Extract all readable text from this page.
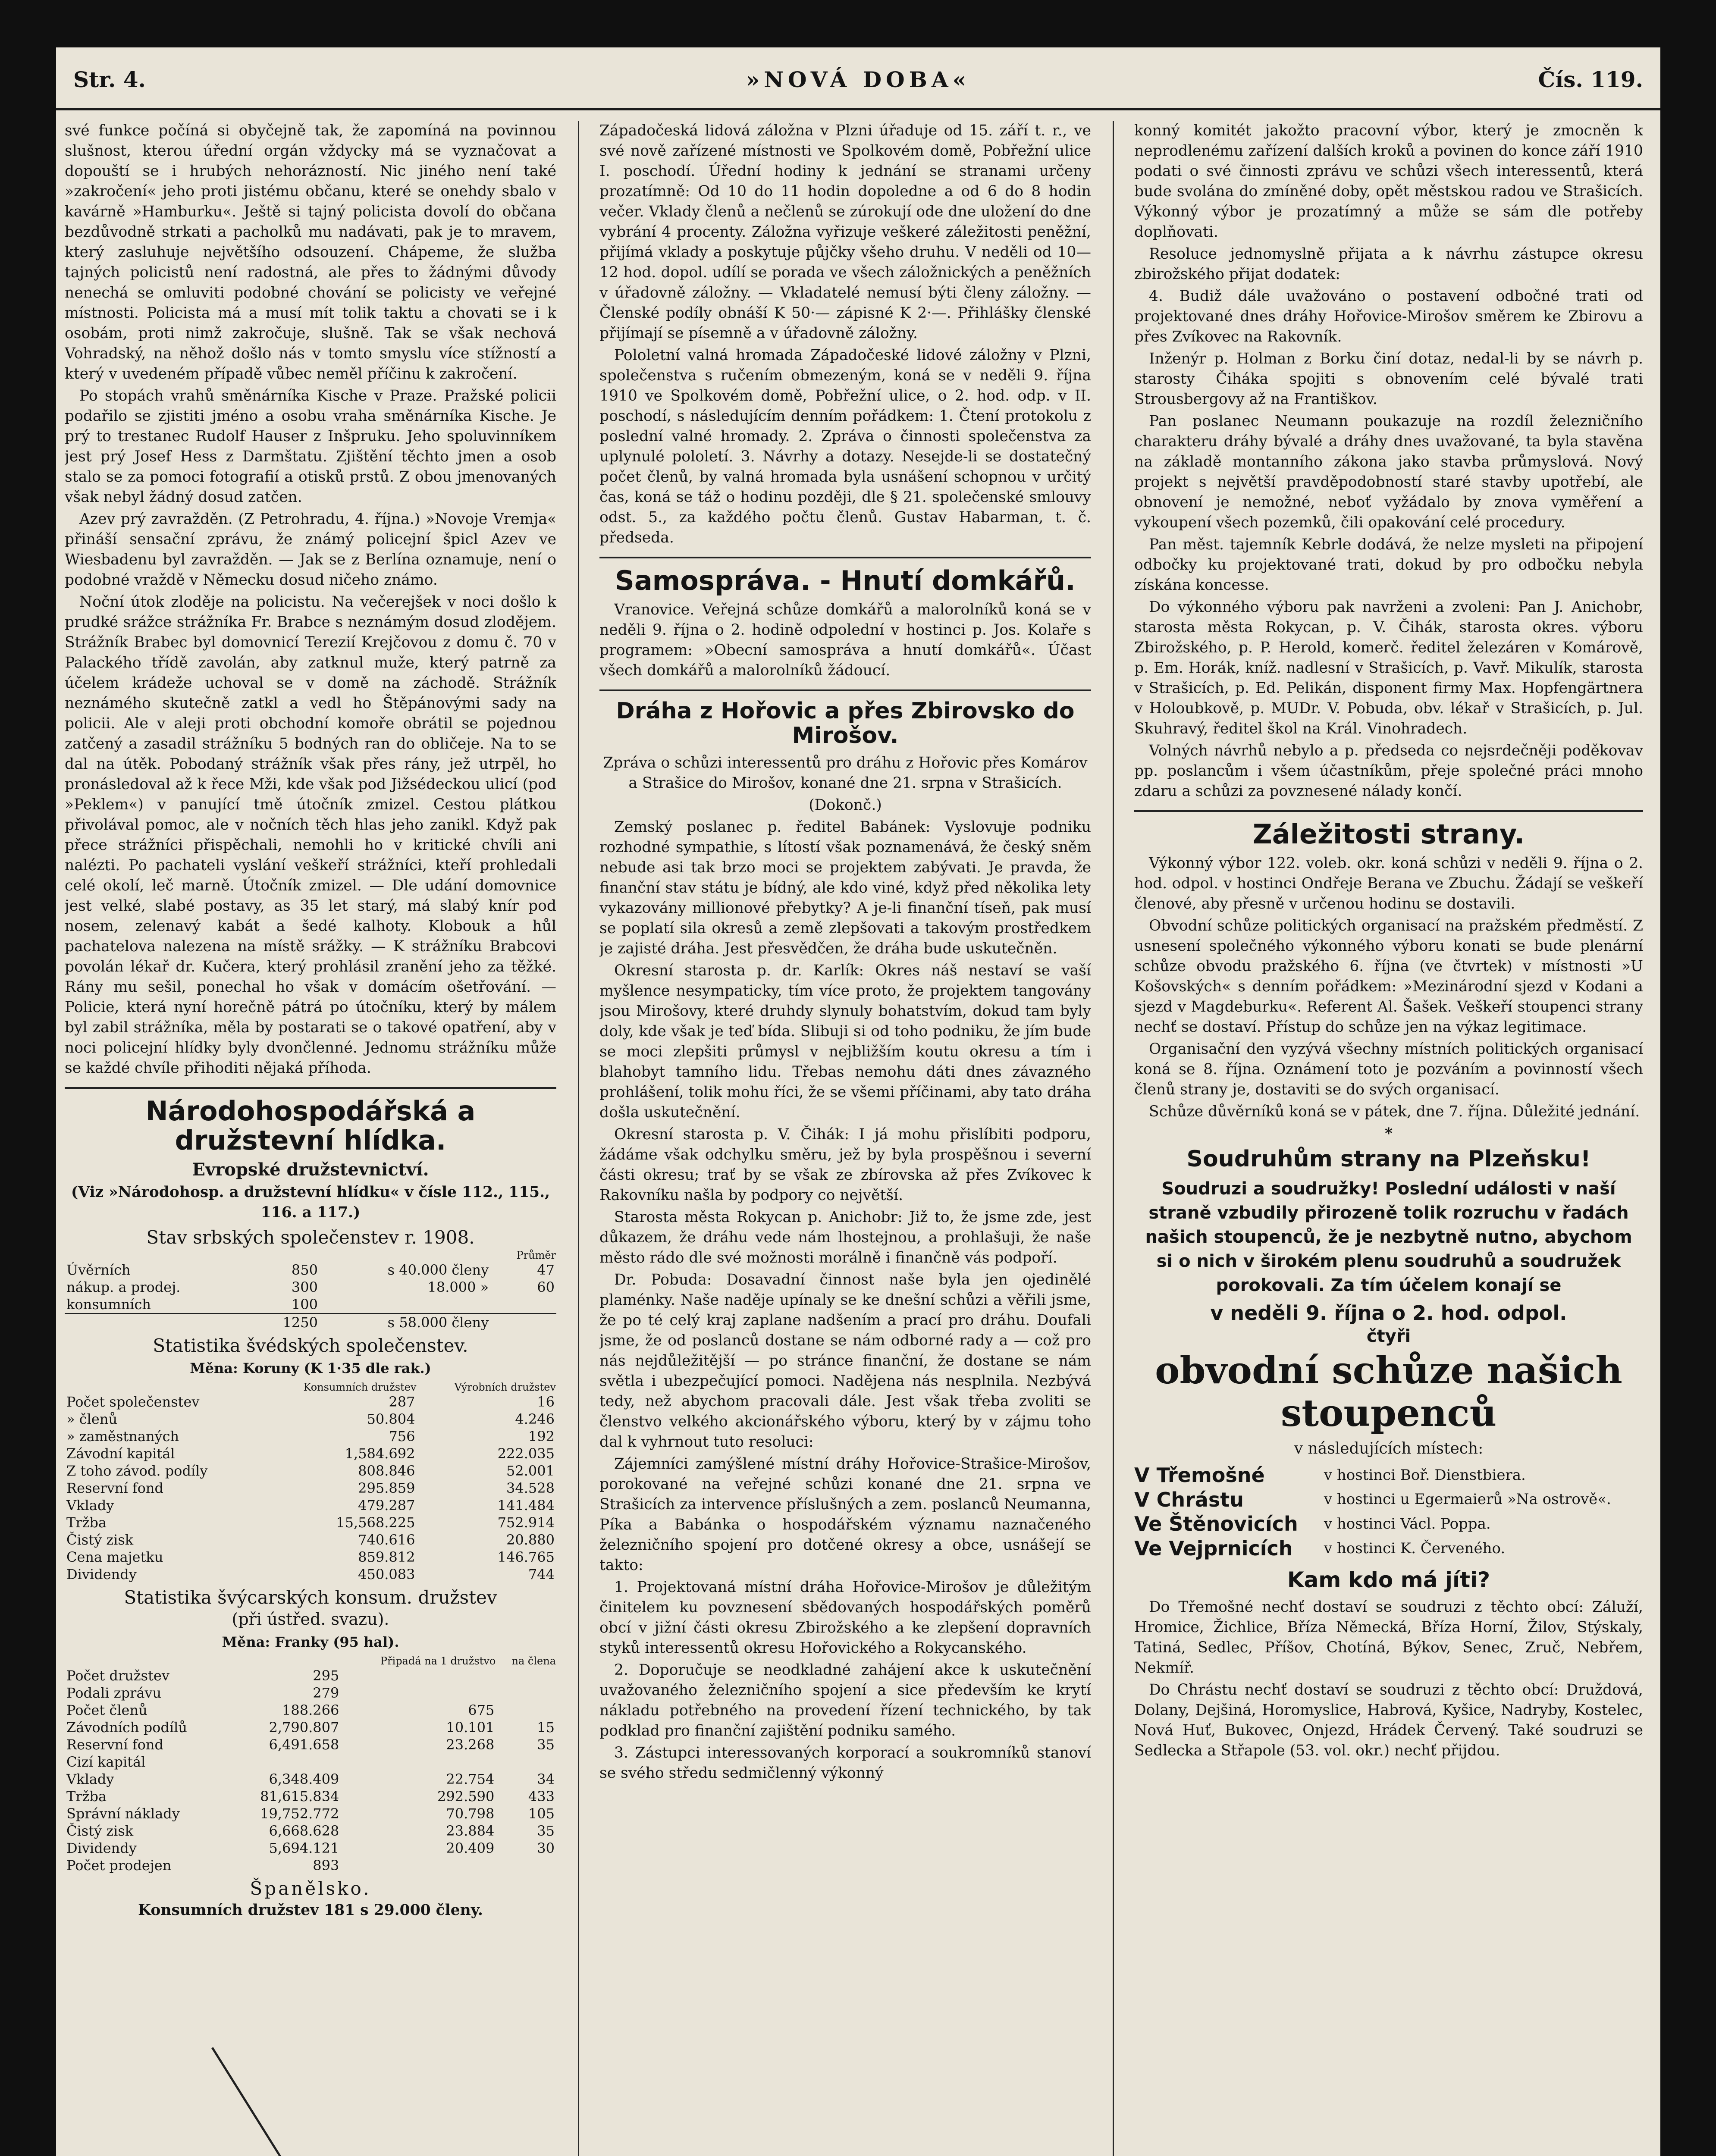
Str. 4.	»NOVÁ DOBA«	Čís. 119.

své funkce počíná si obyčejně tak, že zapomíná na povinnou slušnost, kterou úřední orgán vždycky má se vyznačovat a dopouští se i hrubých nehorázností. Nic jiného není také »zakročení« jeho proti jistému občanu, které se onehdy sbalo v kavárně »Hamburku«. Ještě si tajný policista dovolí do občana bezdůvodně strkati a pacholků mu nadávati, pak je to mravem, který zasluhuje největšího odsouzení. Chápeme, že služba tajných policistů není radostná, ale přes to žádnými důvody nenechá se omluviti podobné chování se policisty ve veřejné místnosti. Policista má a musí mít tolik taktu a chovati se i k osobám, proti nimž zakročuje, slušně. Tak se však nechová Vohradský, na něhož došlo nás v tomto smyslu více stížností a který v uvedeném případě vůbec neměl příčinu k zakročení.

Po stopách vrahů směnárníka Kische v Praze. Pražské policii podařilo se zjistiti jméno a osobu vraha směnárníka Kische. Je prý to trestanec Rudolf Hauser z Inšpruku. Jeho spoluvinníkem jest prý Josef Hess z Darmštatu. Zjištění těchto jmen a osob stalo se za pomoci fotografií a otisků prstů. Z obou jmenovaných však nebyl žádný dosud zatčen.

Azev prý zavražděn. (Z Petrohradu, 4. října.) »Novoje Vremja« přináší sensační zprávu, že známý policejní špicl Azev ve Wiesbadenu byl zavražděn. — Jak se z Berlína oznamuje, není o podobné vraždě v Německu dosud ničeho známo.

Noční útok zloděje na policistu. Na večerejšek v noci došlo k prudké srážce strážníka Fr. Brabce s neznámým dosud zlodějem. Strážník Brabec byl domovnicí Terezií Krejčovou z domu č. 70 v Palackého třídě zavolán, aby zatknul muže, který patrně za účelem krádeže uchoval se v domě na záchodě. Strážník neznámého skutečně zatkl a vedl ho Štěpánovými sady na policii. Ale v aleji proti obchodní komoře obrátil se pojednou zatčený a zasadil strážníku 5 bodných ran do obličeje. Na to se dal na útěk. Pobodaný strážník však přes rány, jež utrpěl, ho pronásledoval až k řece Mži, kde však pod Jižsédeckou ulicí (pod »Peklem«) v panující tmě útočník zmizel. Cestou plátkou přivolával pomoc, ale v nočních těch hlas jeho zanikl. Když pak přece strážníci přispěchali, nemohli ho v kritické chvíli ani nalézti. Po pachateli vyslání veškeří strážníci, kteří prohledali celé okolí, leč marně. Útočník zmizel. — Dle udání domovnice jest velké, slabé postavy, as 35 let starý, má slabý knír pod nosem, zelenavý kabát a šedé kalhoty. Klobouk a hůl pachatelova nalezena na místě srážky. — K strážníku Brabcovi povolán lékař dr. Kučera, který prohlásil zranění jeho za těžké. Rány mu sešil, ponechal ho však v domácím ošetřování. — Policie, která nyní horečně pátrá po útočníku, který by málem byl zabil strážníka, měla by postarati se o takové opatření, aby v noci policejní hlídky byly dvončlenné. Jednomu strážníku může se každé chvíle přihoditi nějaká příhoda.

Národohospodářská a družstevní hlídka.
Evropské družstevnictví.

(Viz »Národohosp. a družstevní hlídku« v čísle 112., 115., 116. a 117.)

Stav srbských společenstev r. 1908.
			Průměr
Úvěrních	850	s 40.000 členy	47
nákup. a prodej.	300	18.000 »	60
konsumních	100		
	1250	s 58.000 členy	
Statistika švédských společenstev.
Měna: Koruny (K 1·35 dle rak.)
	Konsumních družstev	Výrobních družstev
Počet společenstev	287	16
» členů	50.804	4.246
» zaměstnaných	756	192
Závodní kapitál	1,584.692	222.035
Z toho závod. podíly	808.846	52.001
Reservní fond	295.859	34.528
Vklady	479.287	141.484
Tržba	15,568.225	752.914
Čistý zisk	740.616	20.880
Cena majetku	859.812	146.765
Dividendy	450.083	744
Statistika švýcarských konsum. družstev
(při ústřed. svazu).
Měna: Franky (95 hal).
		Připadá na 1 družstvo	na člena
Počet družstev	295		
Podali zprávu	279		
Počet členů	188.266	675	
Závodních podílů	2,790.807	10.101	15
Reservní fond	6,491.658	23.268	35
Cizí kapitál			
Vklady	6,348.409	22.754	34
Tržba	81,615.834	292.590	433
Správní náklady	19,752.772	70.798	105
Čistý zisk	6,668.628	23.884	35
Dividendy	5,694.121	20.409	30
Počet prodejen	893		
Španělsko.

Konsumních družstev 181 s 29.000 členy.

Západočeská lidová záložna v Plzni úřaduje od 15. září t. r., ve své nově zařízené místnosti ve Spolkovém domě, Pobřežní ulice I. poschodí. Úřední hodiny k jednání se stranami určeny prozatímně: Od 10 do 11 hodin dopoledne a od 6 do 8 hodin večer. Vklady členů a nečlenů se zúrokují ode dne uložení do dne vybrání 4 procenty. Záložna vyřizuje veškeré záležitosti peněžní, přijímá vklady a poskytuje půjčky všeho druhu. V neděli od 10—12 hod. dopol. udílí se porada ve všech záložnických a peněžních v úřadovně záložny. — Vkladatelé nemusí býti členy záložny. — Členské podíly obnáší K 50·— zápisné K 2·—. Přihlášky členské přijímají se písemně a v úřadovně záložny.

Pololetní valná hromada Západočeské lidové záložny v Plzni, společenstva s ručením obmezeným, koná se v neděli 9. října 1910 ve Spolkovém domě, Pobřežní ulice, o 2. hod. odp. v II. poschodí, s následujícím denním pořádkem: 1. Čtení protokolu z poslední valné hromady. 2. Zpráva o činnosti společenstva za uplynulé pololetí. 3. Návrhy a dotazy. Nesejde-li se dostatečný počet členů, by valná hromada byla usnášení schopnou v určitý čas, koná se táž o hodinu později, dle § 21. společenské smlouvy odst. 5., za každého počtu členů. Gustav Habarman, t. č. předseda.

Samospráva. - Hnutí domkářů.

Vranovice. Veřejná schůze domkářů a malorolníků koná se v neděli 9. října o 2. hodině odpolední v hostinci p. Jos. Kolaře s programem: »Obecní samospráva a hnutí domkářů«. Účast všech domkářů a malorolníků žádoucí.

Dráha z Hořovic a přes Zbirovsko do Mirošov.

Zpráva o schůzi interessentů pro dráhu z Hořovic přes Komárov a Strašice do Mirošov, konané dne 21. srpna v Strašicích.

(Dokonč.)

Zemský poslanec p. ředitel Babánek: Vyslovuje podniku rozhodné sympathie, s lítostí však poznamenává, že český sněm nebude asi tak brzo moci se projektem zabývati. Je pravda, že finanční stav státu je bídný, ale kdo viné, když před několika lety vykazovány millionové přebytky? A je-li finanční tíseň, pak musí se poplatí sila okresů a země zlepšovati a takovým prostředkem je zajisté dráha. Jest přesvědčen, že dráha bude uskutečněn.

Okresní starosta p. dr. Karlík: Okres náš nestaví se vaší myšlence nesympaticky, tím více proto, že projektem tangovány jsou Mirošovy, které druhdy slynuly bohatstvím, dokud tam byly doly, kde však je teď bída. Slibuji si od toho podniku, že jím bude se moci zlepšiti průmysl v nejbližším koutu okresu a tím i blahobyt tamního lidu. Třebas nemohu dáti dnes závazného prohlášení, tolik mohu říci, že se všemi příčinami, aby tato dráha došla uskutečnění.

Okresní starosta p. V. Čihák: I já mohu přislíbiti podporu, žádáme však odchylku směru, jež by byla prospěšnou i severní části okresu; trať by se však ze zbírovska až přes Zvíkovec k Rakovníku našla by podpory co největší.

Starosta města Rokycan p. Anichobr: Již to, že jsme zde, jest důkazem, že dráhu vede nám lhostejnou, a prohlašuji, že naše město rádo dle své možnosti morálně i finančně vás podpoří.

Dr. Pobuda: Dosavadní činnost naše byla jen ojedinělé plaménky. Naše naděje upínaly se ke dnešní schůzi a věřili jsme, že po té celý kraj zaplane nadšením a prací pro dráhu. Doufali jsme, že od poslanců dostane se nám odborné rady a — což pro nás nejdůležitější — po stránce finanční, že dostane se nám světla i ubezpečující pomoci. Nadějena nás nesplnila. Nezbývá tedy, než abychom pracovali dále. Jest však třeba zvoliti se členstvo velkého akcionářského výboru, který by v zájmu toho dal k vyhrnout tuto resoluci:

Zájemníci zamýšlené místní dráhy Hořovice-Strašice-Mirošov, porokované na veřejné schůzi konané dne 21. srpna ve Strašicích za intervence příslušných a zem. poslanců Neumanna, Píka a Babánka o hospodářském významu naznačeného železničního spojení pro dotčené okresy a obce, usnášejí se takto:

1. Projektovaná místní dráha Hořovice-Mirošov je důležitým činitelem ku povznesení sbědovaných hospodářských poměrů obcí v jižní části okresu Zbirožského a ke zlepšení dopravních styků interessentů okresu Hořovického a Rokycanského.

2. Doporučuje se neodkladné zahájení akce k uskutečnění uvažovaného železničního spojení a sice především ke krytí nákladu potřebného na provedení řízení technického, by tak podklad pro finanční zajištění podniku samého.

3. Zástupci interessovaných korporací a soukromníků stanoví se svého středu sedmičlenný výkonný

konný komitét jakožto pracovní výbor, který je zmocněn k neprodlenému zařízení dalších kroků a povinen do konce září 1910 podati o své činnosti zprávu ve schůzi všech interessentů, která bude svolána do zmíněné doby, opět městskou radou ve Strašicích. Výkonný výbor je prozatímný a může se sám dle potřeby doplňovati.

Resoluce jednomyslně přijata a k návrhu zástupce okresu zbirožského přijat dodatek:

4. Budiž dále uvažováno o postavení odbočné trati od projektované dnes dráhy Hořovice-Mirošov směrem ke Zbirovu a přes Zvíkovec na Rakovník.

Inženýr p. Holman z Borku činí dotaz, nedal-li by se návrh p. starosty Čiháka spojiti s obnovením celé bývalé trati Strousbergovy až na Františkov.

Pan poslanec Neumann poukazuje na rozdíl železničního charakteru dráhy bývalé a dráhy dnes uvažované, ta byla stavěna na základě montanního zákona jako stavba průmyslová. Nový projekt s největší pravděpodobností staré stavby upotřebí, ale obnovení je nemožné, neboť vyžádalo by znova vyměření a vykoupení všech pozemků, čili opakování celé procedury.

Pan měst. tajemník Kebrle dodává, že nelze mysleti na připojení odbočky ku projektované trati, dokud by pro odbočku nebyla získána koncesse.

Do výkonného výboru pak navrženi a zvoleni: Pan J. Anichobr, starosta města Rokycan, p. V. Čihák, starosta okres. výboru Zbirožského, p. P. Herold, komerč. ředitel železáren v Komárově, p. Em. Horák, kníž. nadlesní v Strašicích, p. Vavř. Mikulík, starosta v Strašicích, p. Ed. Pelikán, disponent firmy Max. Hopfengärtnera v Holoubkově, p. MUDr. V. Pobuda, obv. lékař v Strašicích, p. Jul. Skuhravý, ředitel škol na Král. Vinohradech.

Volných návrhů nebylo a p. předseda co nejsrdečněji poděkovav pp. poslancům i všem účastníkům, přeje společné práci mnoho zdaru a schůzi za povznesené nálady končí.

Záležitosti strany.

Výkonný výbor 122. voleb. okr. koná schůzi v neděli 9. října o 2. hod. odpol. v hostinci Ondřeje Berana ve Zbuchu. Žádají se veškeří členové, aby přesně v určenou hodinu se dostavili.

Obvodní schůze politických organisací na pražském předměstí. Z usnesení společného výkonného výboru konati se bude plenární schůze obvodu pražského 6. října (ve čtvrtek) v místnosti »U Košovských« s denním pořádkem: »Mezinárodní sjezd v Kodani a sjezd v Magdeburku«. Referent Al. Šašek. Veškeří stoupenci strany nechť se dostaví. Přístup do schůze jen na výkaz legitimace.

Organisační den vyzývá všechny místních politických organisací koná se 8. října. Oznámení toto je pozváním a povinností všech členů strany je, dostaviti se do svých organisací.

Schůze důvěrníků koná se v pátek, dne 7. října. Důležité jednání.

*

Soudruhům strany na Plzeňsku!
Soudruzi a soudružky! Poslední události v naší straně vzbudily přirozeně tolik rozruchu v řadách našich stoupenců, že je nezbytně nutno, abychom si o nich v širokém plenu soudruhů a soudružek porokovali. Za tím účelem konají se
v neděli 9. října o 2. hod. odpol.
čtyři
obvodní schůze našich stoupenců
v následujících místech:
V Třemošné	v hostinci Boř. Dienstbiera.
V Chrástu	v hostinci u Egermaierů »Na ostrově«.
Ve Štěnovicích	v hostinci Václ. Poppa.
Ve Vejprnicích	v hostinci K. Červeného.
Kam kdo má jíti?

Do Třemošné nechť dostaví se soudruzi z těchto obcí: Záluží, Hromice, Žichlice, Bříza Německá, Bříza Horní, Žilov, Stýskaly, Tatiná, Sedlec, Příšov, Chotíná, Býkov, Senec, Zruč, Nebřem, Nekmíř.

Do Chrástu nechť dostaví se soudruzi z těchto obcí: Druždová, Dolany, Dejšiná, Horomyslice, Habrová, Kyšice, Nadryby, Kostelec, Nová Huť, Bukovec, Onjezd, Hrádek Červený. Také soudruzi se Sedlecka a Střapole (53. vol. okr.) nechť přijdou.
